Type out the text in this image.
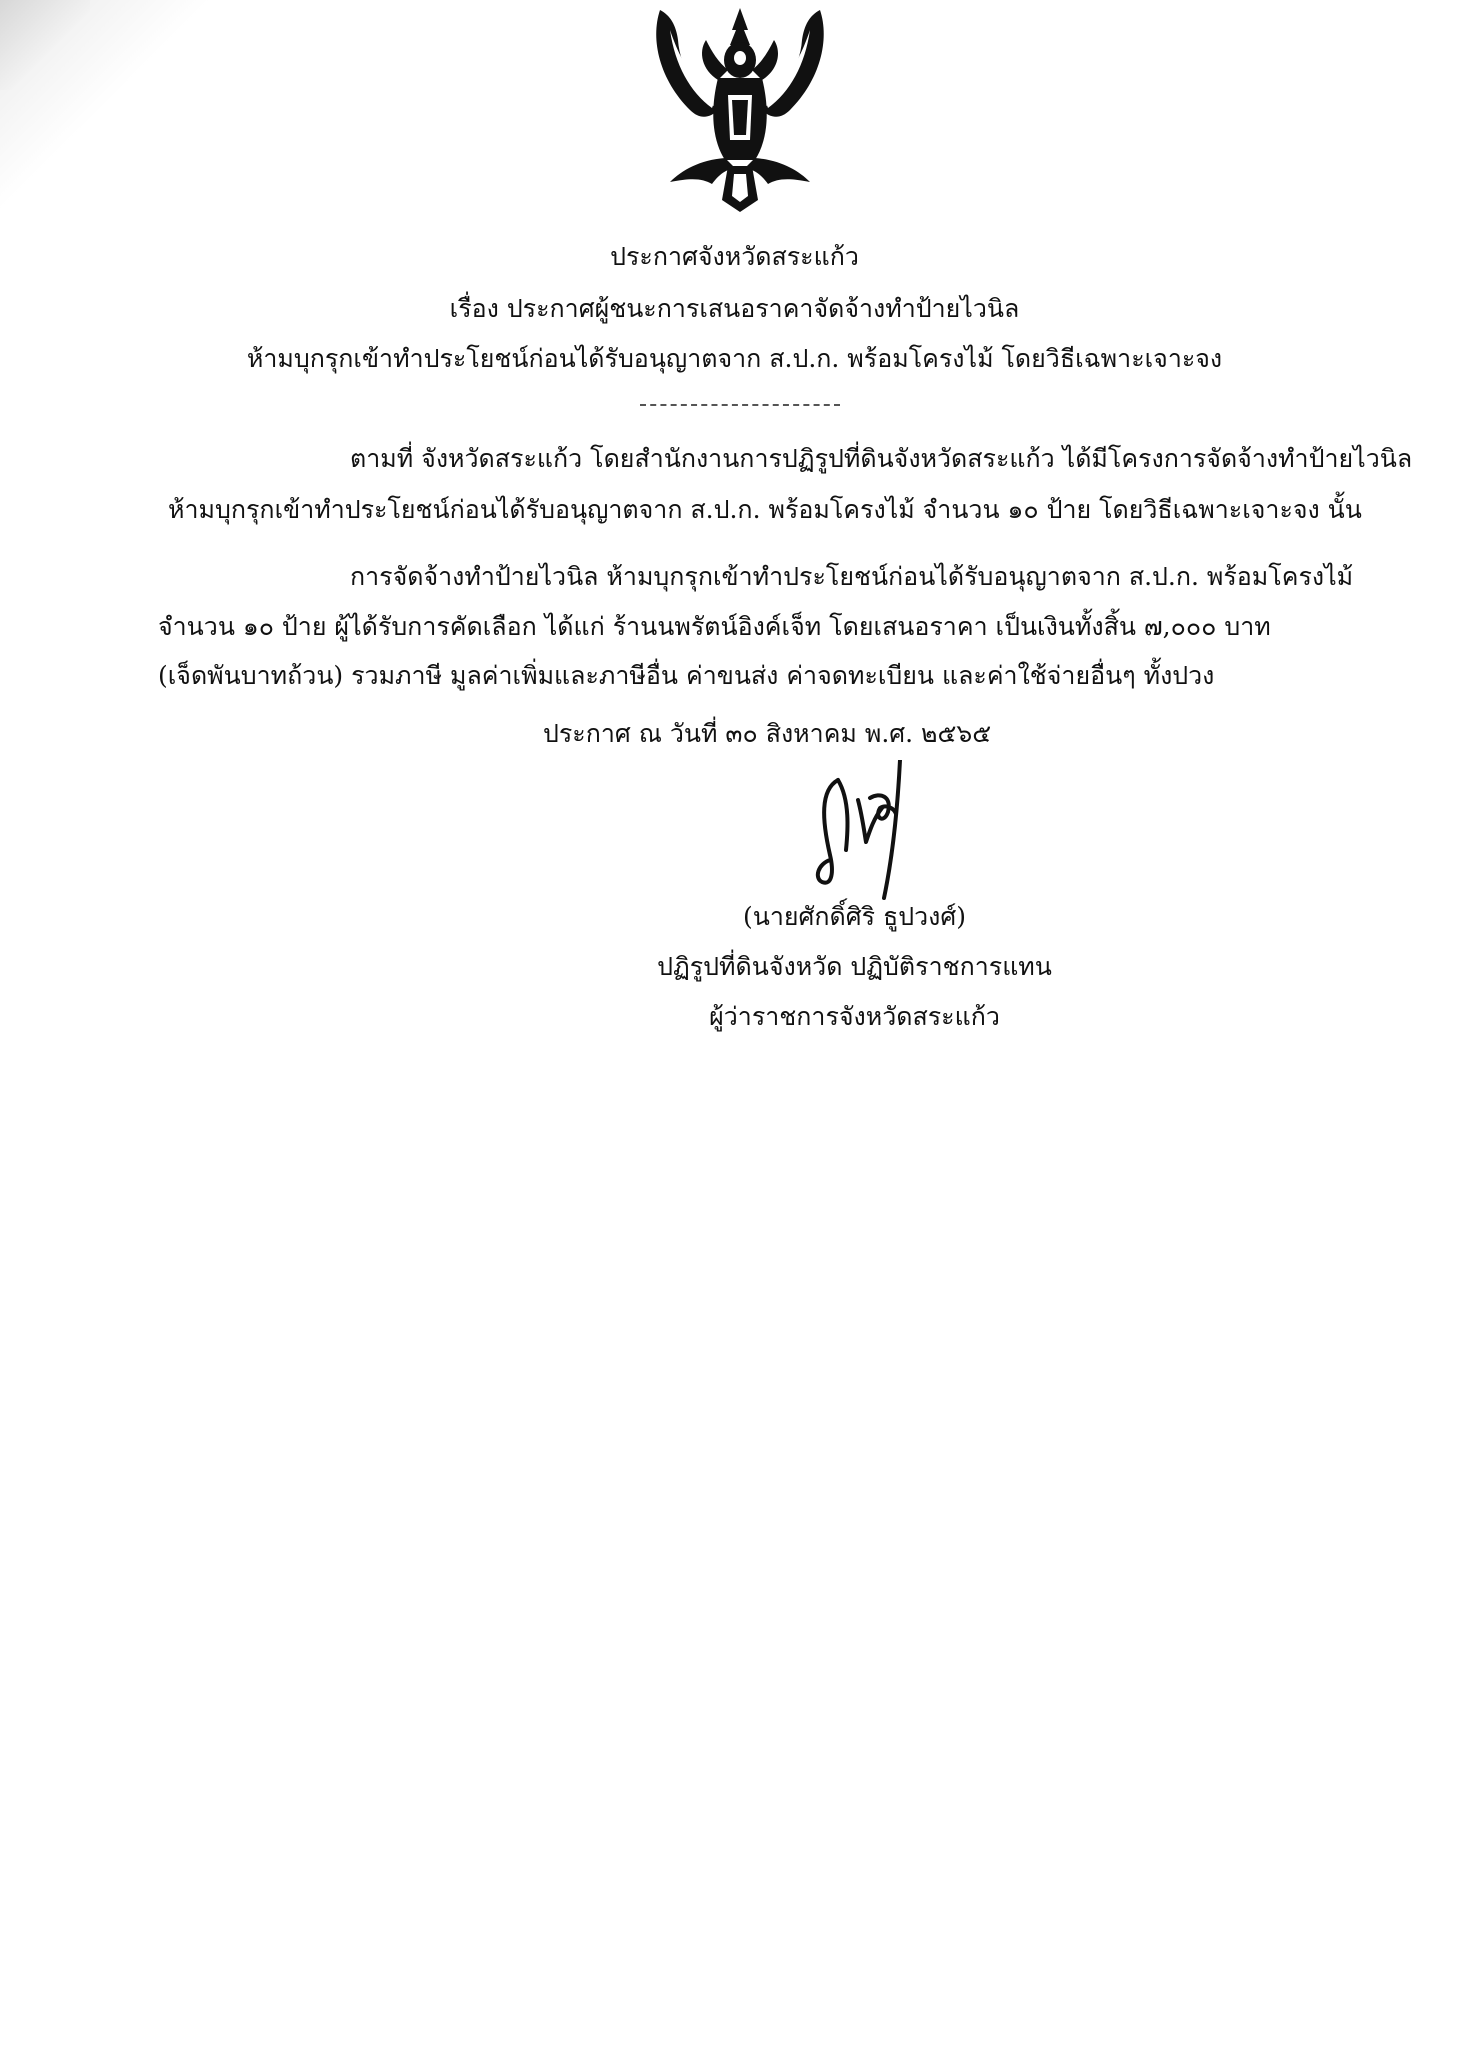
ประกาศจังหวัดสระแก้ว
เรื่อง ประกาศผู้ชนะการเสนอราคาจัดจ้างทำป้ายไวนิล
ห้ามบุกรุกเข้าทำประโยชน์ก่อนได้รับอนุญาตจาก ส.ป.ก. พร้อมโครงไม้ โดยวิธีเฉพาะเจาะจง
ตามที่ จังหวัดสระแก้ว โดยสำนักงานการปฏิรูปที่ดินจังหวัดสระแก้ว ได้มีโครงการจัดจ้างทำป้ายไวนิล
ห้ามบุกรุกเข้าทำประโยชน์ก่อนได้รับอนุญาตจาก ส.ป.ก. พร้อมโครงไม้ จำนวน ๑๐ ป้าย โดยวิธีเฉพาะเจาะจง นั้น
การจัดจ้างทำป้ายไวนิล ห้ามบุกรุกเข้าทำประโยชน์ก่อนได้รับอนุญาตจาก ส.ป.ก. พร้อมโครงไม้
จำนวน ๑๐ ป้าย ผู้ได้รับการคัดเลือก ได้แก่ ร้านนพรัตน์อิงค์เจ็ท โดยเสนอราคา เป็นเงินทั้งสิ้น ๗,๐๐๐ บาท
(เจ็ดพันบาทถ้วน) รวมภาษี มูลค่าเพิ่มและภาษีอื่น ค่าขนส่ง ค่าจดทะเบียน และค่าใช้จ่ายอื่นๆ ทั้งปวง
ประกาศ ณ วันที่ ๓๐ สิงหาคม พ.ศ. ๒๕๖๕
(นายศักดิ์ศิริ ธูปวงศ์)
ปฏิรูปที่ดินจังหวัด ปฏิบัติราชการแทน
ผู้ว่าราชการจังหวัดสระแก้ว
